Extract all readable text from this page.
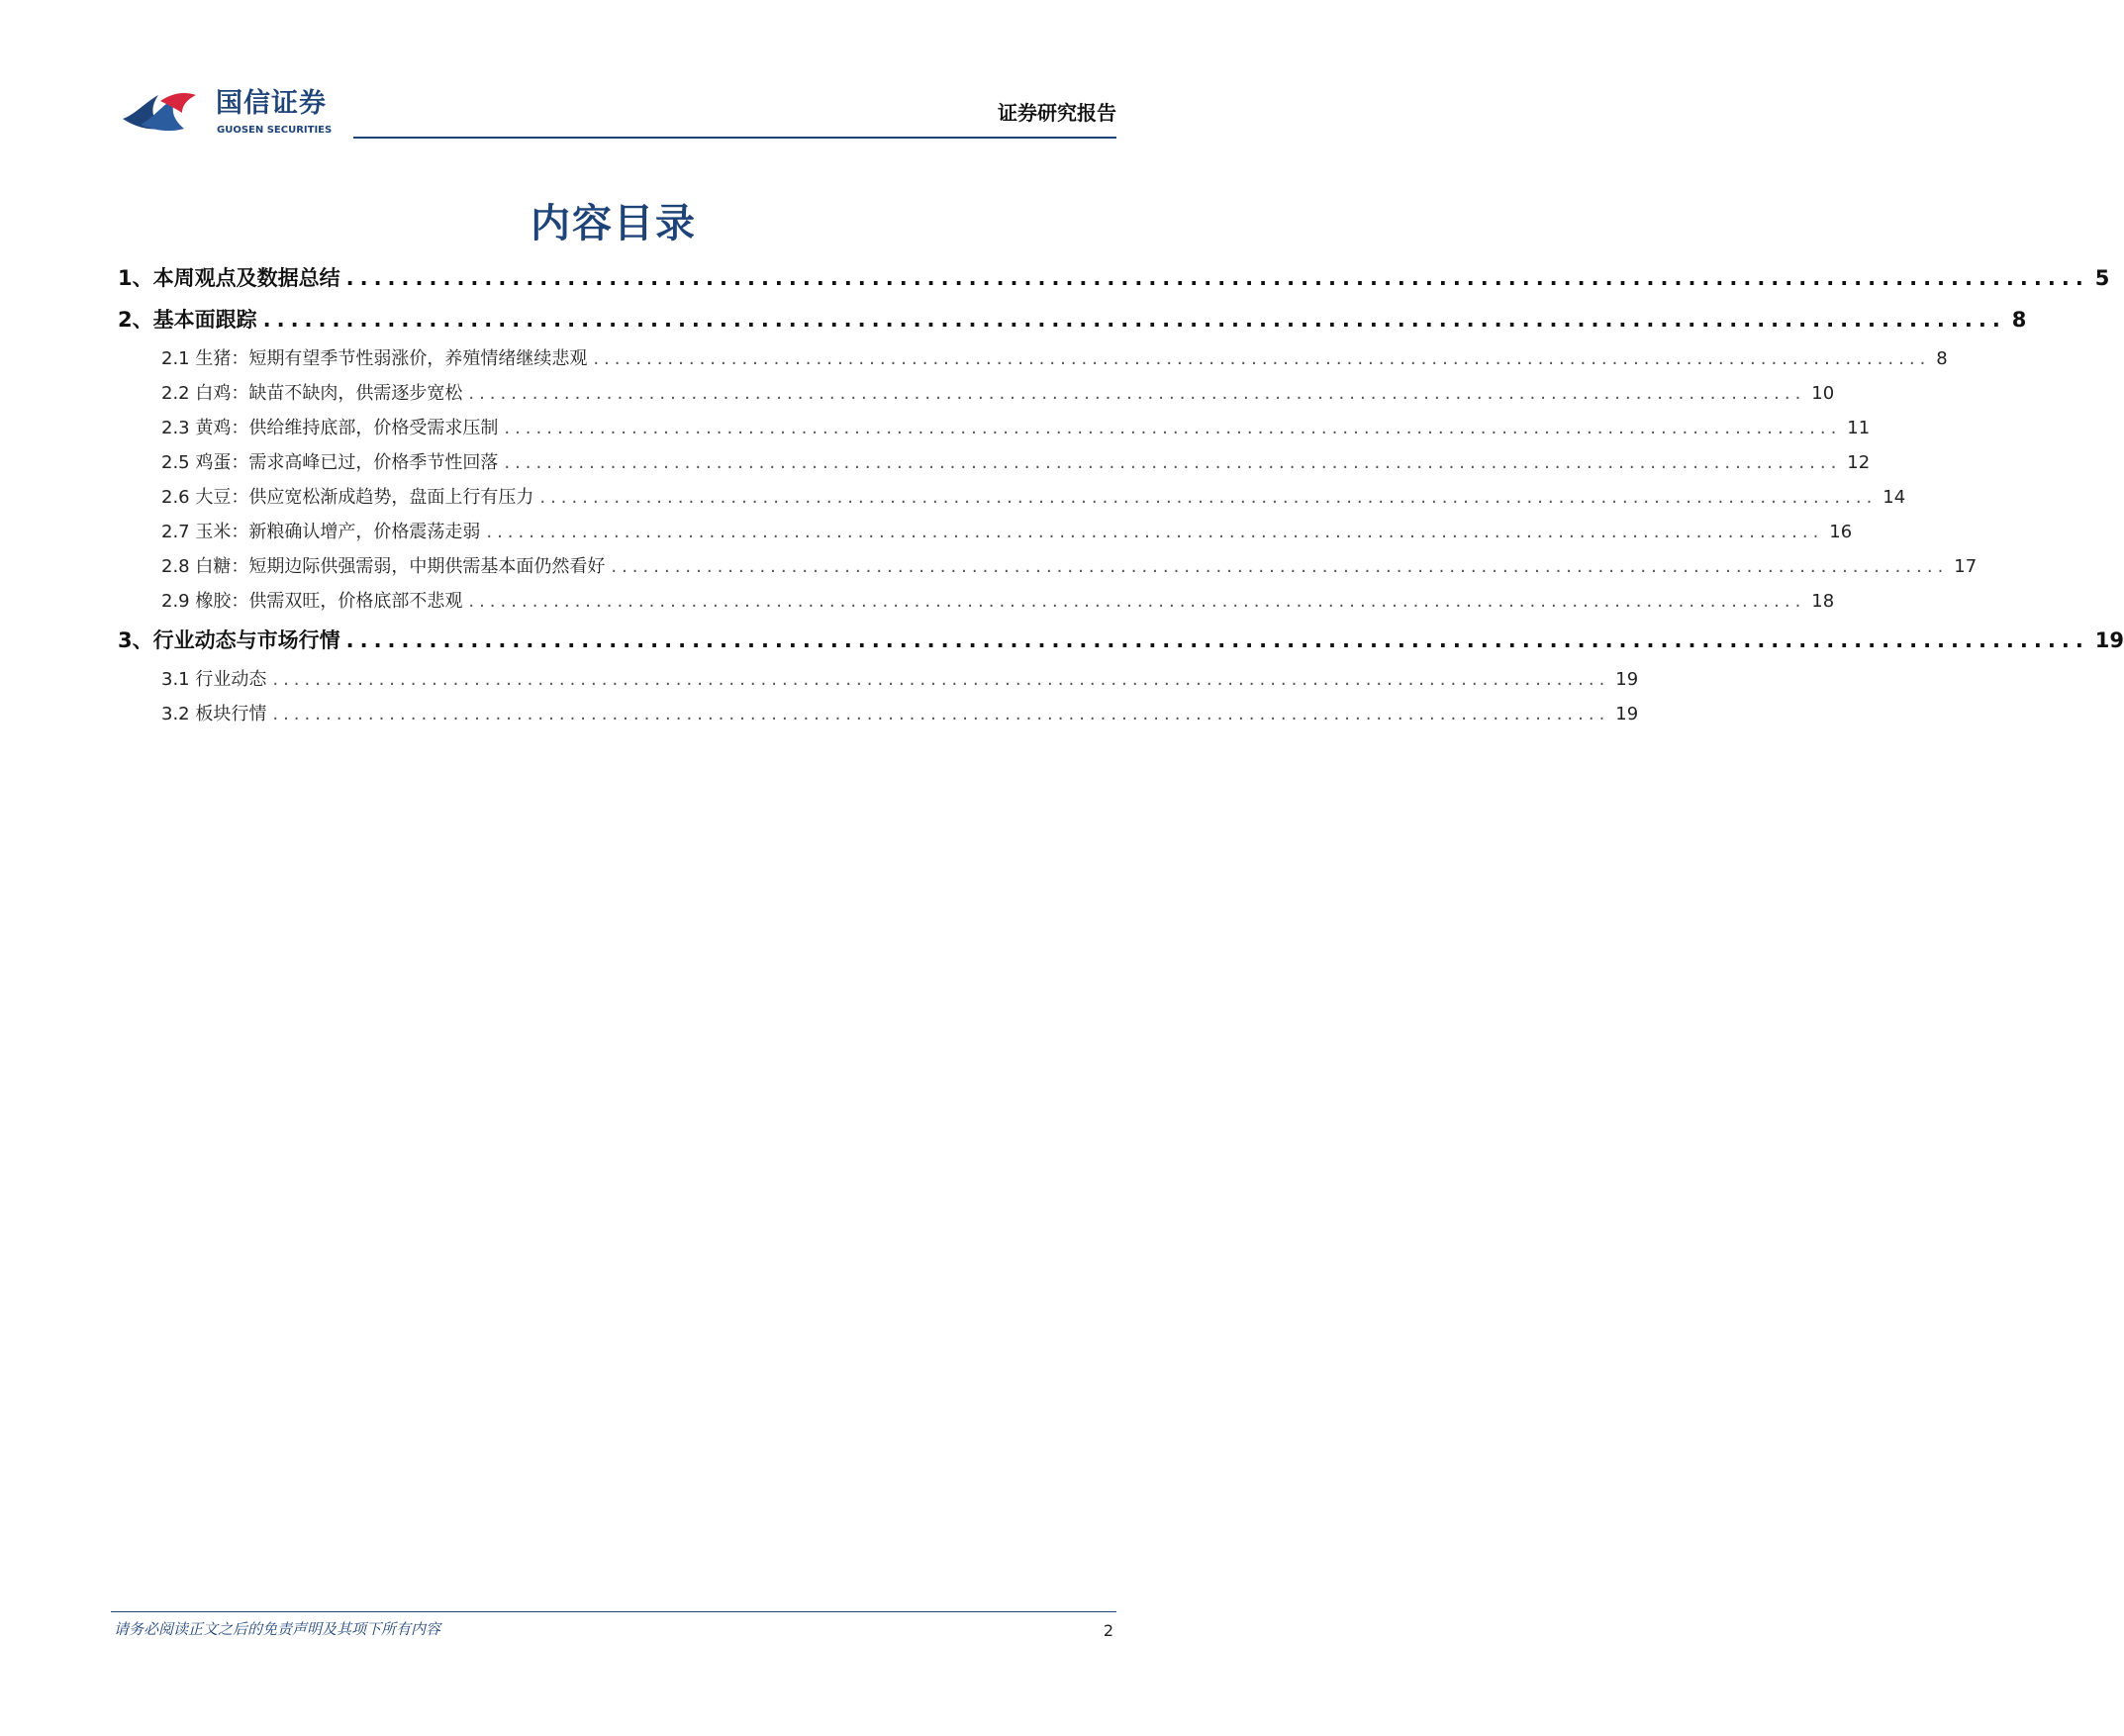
国信证券
GUOSEN SECURITIES
证券研究报告
内容目录
1、本周观点及数据总结 .............................................................................................................................. 5
2、基本面跟踪 .............................................................................................................................. 8
2.1 生猪：短期有望季节性弱涨价，养殖情绪继续悲观 .............................................................................................................................. 8
2.2 白鸡：缺苗不缺肉，供需逐步宽松 .............................................................................................................................. 10
2.3 黄鸡：供给维持底部，价格受需求压制 .............................................................................................................................. 11
2.5 鸡蛋：需求高峰已过，价格季节性回落 .............................................................................................................................. 12
2.6 大豆：供应宽松渐成趋势，盘面上行有压力 .............................................................................................................................. 14
2.7 玉米：新粮确认增产，价格震荡走弱 .............................................................................................................................. 16
2.8 白糖：短期边际供强需弱，中期供需基本面仍然看好 .............................................................................................................................. 17
2.9 橡胶：供需双旺，价格底部不悲观 .............................................................................................................................. 18
3、行业动态与市场行情 .............................................................................................................................. 19
3.1 行业动态 .............................................................................................................................. 19
3.2 板块行情 .............................................................................................................................. 19
请务必阅读正文之后的免责声明及其项下所有内容	2
